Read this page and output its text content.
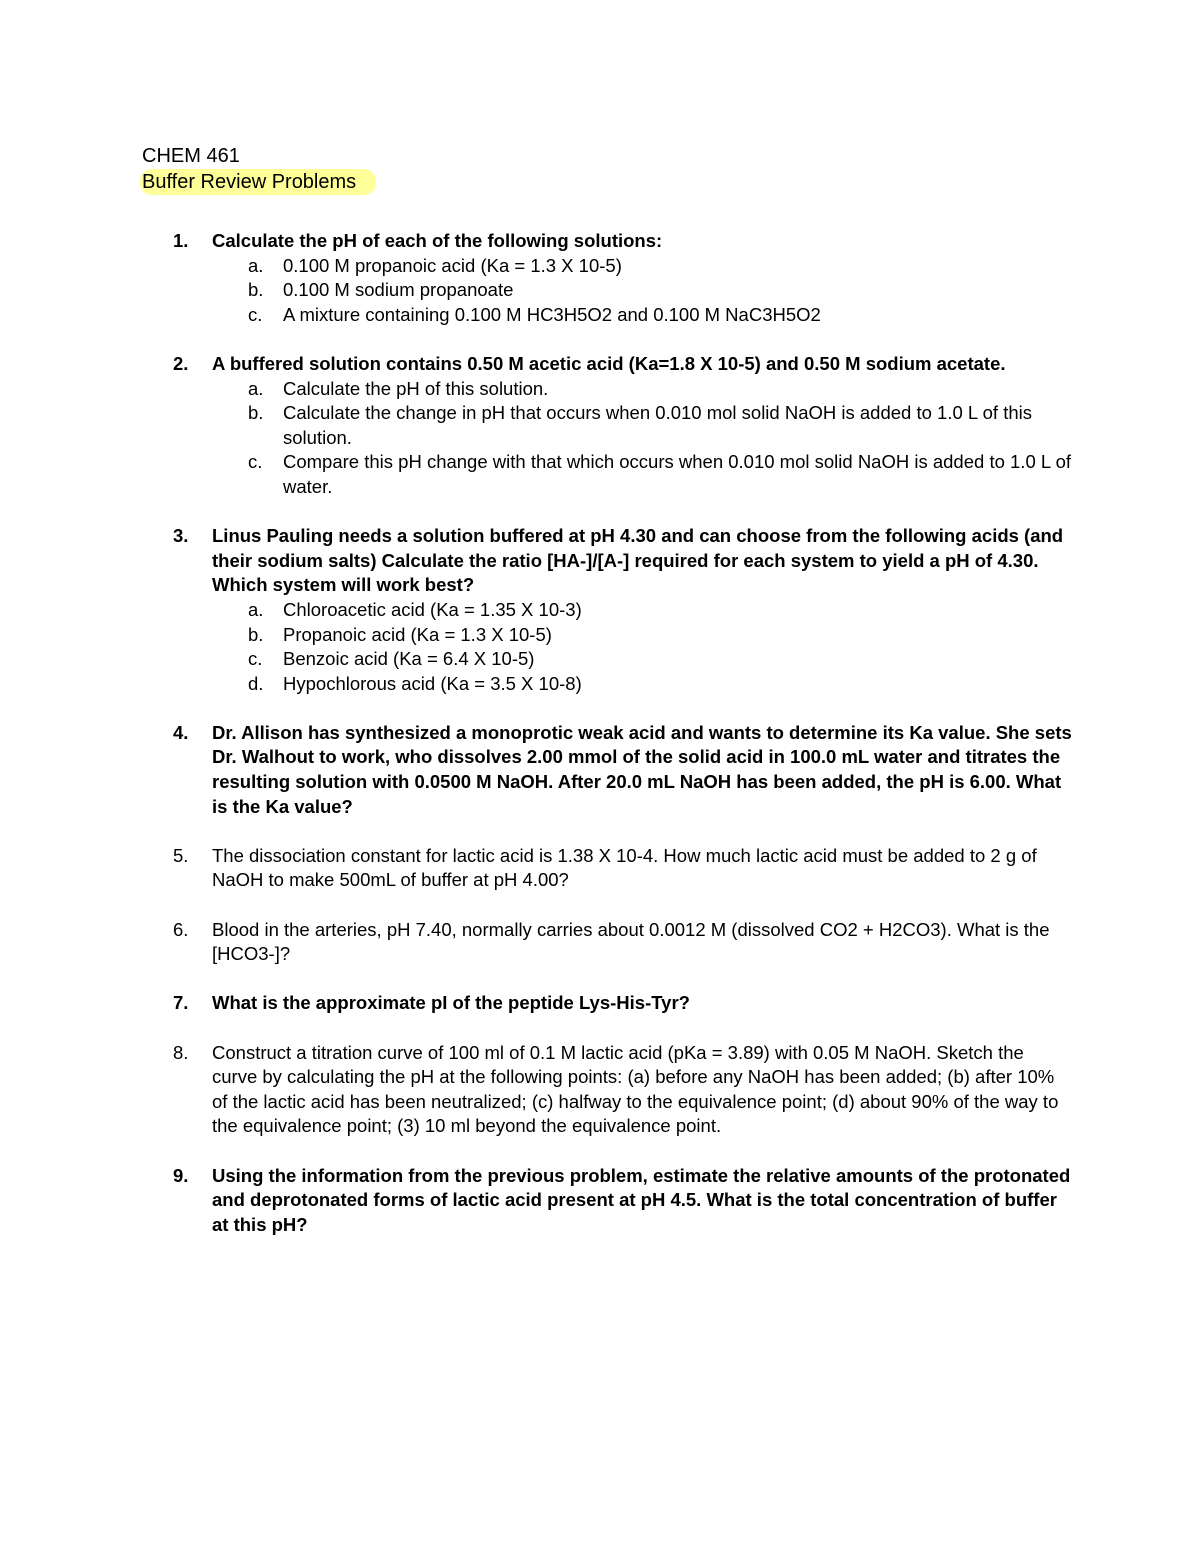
CHEM 461
Buffer Review Problems
1. Calculate the pH of each of the following solutions:
a. 0.100 M propanoic acid (Ka = 1.3 X 10-5)
b. 0.100 M sodium propanoate
c. A mixture containing 0.100 M HC3H5O2 and 0.100 M NaC3H5O2
2. A buffered solution contains 0.50 M acetic acid (Ka=1.8 X 10-5) and 0.50 M sodium acetate.
a. Calculate the pH of this solution.
b. Calculate the change in pH that occurs when 0.010 mol solid NaOH is added to 1.0 L of this solution.
c. Compare this pH change with that which occurs when 0.010 mol solid NaOH is added to 1.0 L of water.
3. Linus Pauling needs a solution buffered at pH 4.30 and can choose from the following acids (and their sodium salts) Calculate the ratio [HA-]/[A-] required for each system to yield a pH of 4.30. Which system will work best?
a. Chloroacetic acid (Ka = 1.35 X 10-3)
b. Propanoic acid (Ka = 1.3 X 10-5)
c. Benzoic acid (Ka = 6.4 X 10-5)
d. Hypochlorous acid (Ka = 3.5 X 10-8)
4. Dr. Allison has synthesized a monoprotic weak acid and wants to determine its Ka value. She sets Dr. Walhout to work, who dissolves 2.00 mmol of the solid acid in 100.0 mL water and titrates the resulting solution with 0.0500 M NaOH. After 20.0 mL NaOH has been added, the pH is 6.00. What is the Ka value?
5. The dissociation constant for lactic acid is 1.38 X 10-4. How much lactic acid must be added to 2 g of NaOH to make 500mL of buffer at pH 4.00?
6. Blood in the arteries, pH 7.40, normally carries about 0.0012 M (dissolved CO2 + H2CO3). What is the [HCO3-]?
7. What is the approximate pI of the peptide Lys-His-Tyr?
8. Construct a titration curve of 100 ml of 0.1 M lactic acid (pKa = 3.89) with 0.05 M NaOH. Sketch the curve by calculating the pH at the following points: (a) before any NaOH has been added; (b) after 10% of the lactic acid has been neutralized; (c) halfway to the equivalence point; (d) about 90% of the way to the equivalence point; (3) 10 ml beyond the equivalence point.
9. Using the information from the previous problem, estimate the relative amounts of the protonated and deprotonated forms of lactic acid present at pH 4.5. What is the total concentration of buffer at this pH?
